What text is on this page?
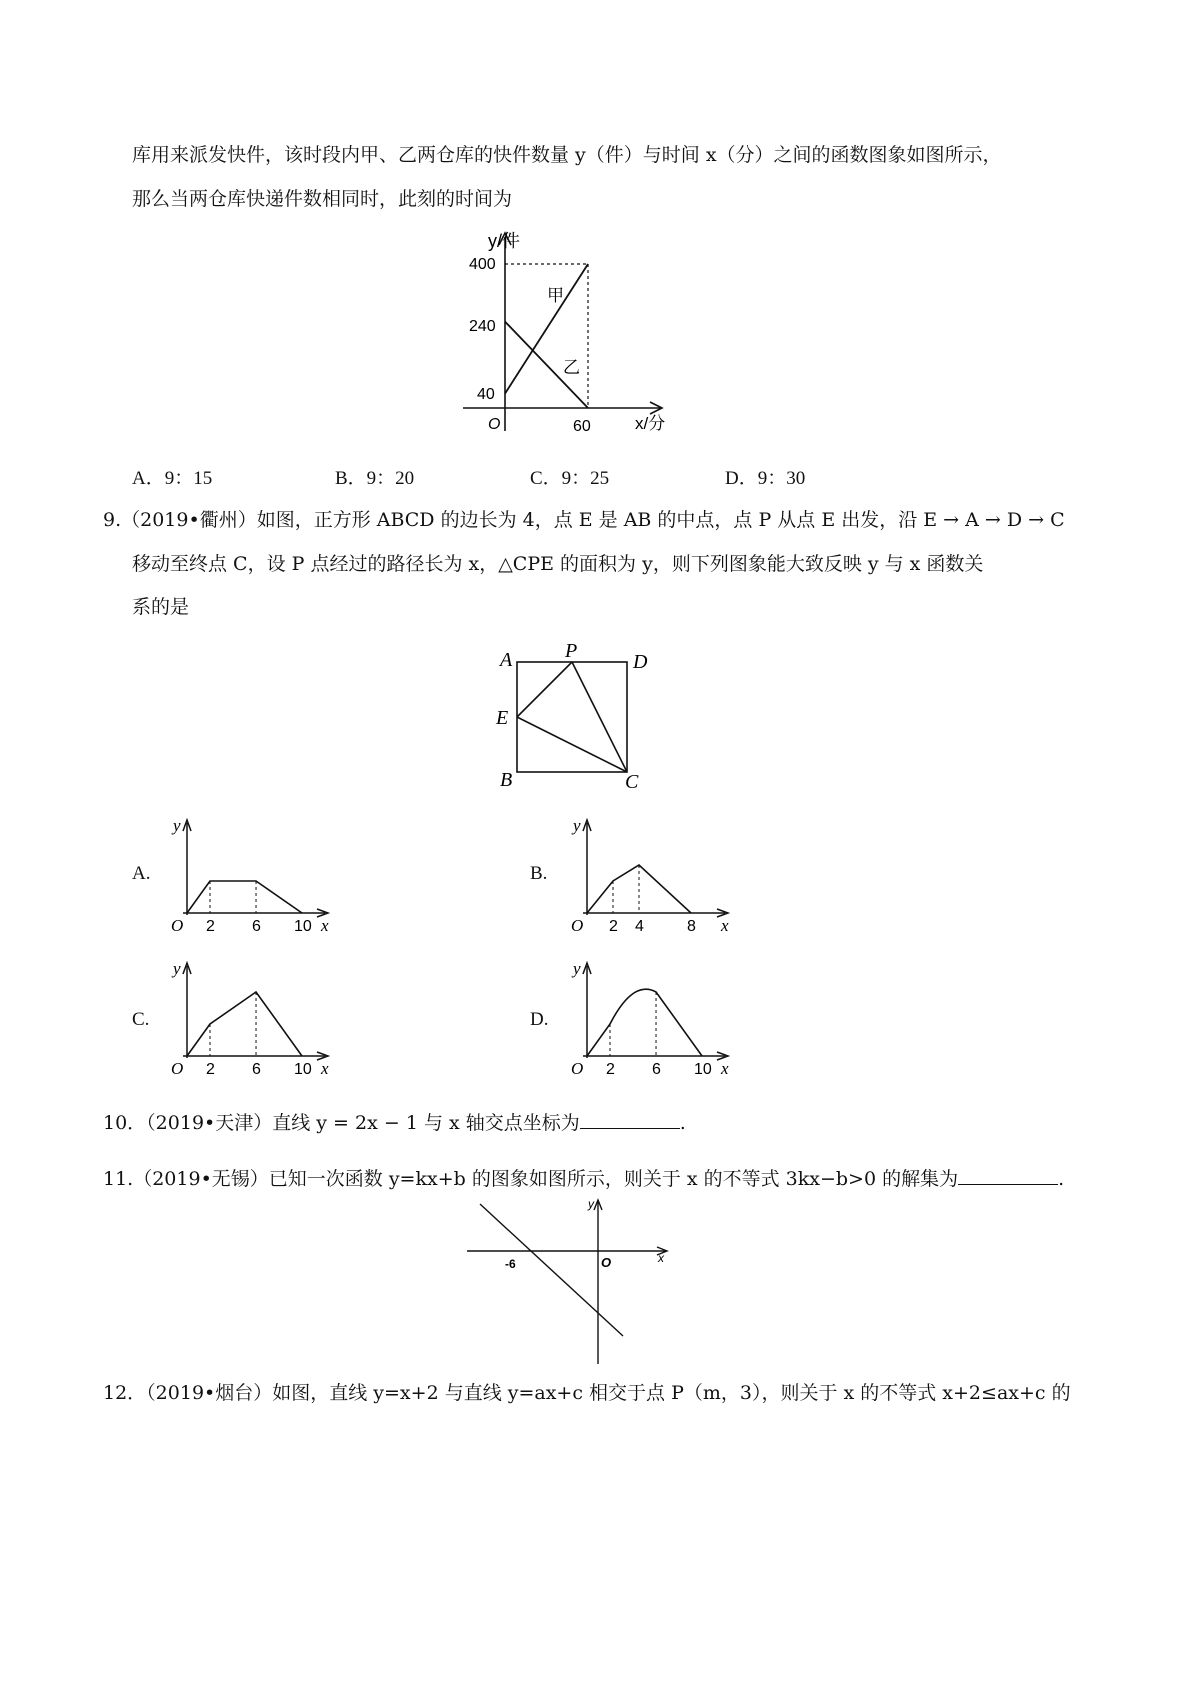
库用来派发快件，该时段内甲、乙两仓库的快件数量 y（件）与时间 x（分）之间的函数图象如图所示，
那么当两仓库快递件数相同时，此刻的时间为
y/件
400
240
40
O	60	x/分
甲
乙
A．9：15	B．9：20	C．9：25	D．9：30
9.（2019•衢州）如图，正方形 ABCD 的边长为 4，点 E 是 AB 的中点，点 P 从点 E 出发，沿 E → A → D → C
移动至终点 C，设 P 点经过的路径长为 x，△CPE 的面积为 y，则下列图象能大致反映 y 与 x 函数关
系的是
A	P	D
E
B	C
A.	B.
C.	D.
y
O	x
2 6 10
y
O	x
2 4	8
y
O	x
2 6 10
y
O	x
2 6 10
10．（2019•天津）直线 y = 2x − 1 与 x 轴交点坐标为	.
11.（2019•无锡）已知一次函数 y=kx+b 的图象如图所示，则关于 x 的不等式 3kx−b>0 的解集为	.
y
x
O
-6
12．（2019•烟台）如图，直线 y=x+2 与直线 y=ax+c 相交于点 P（m，3），则关于 x 的不等式 x+2≤ax+c 的
